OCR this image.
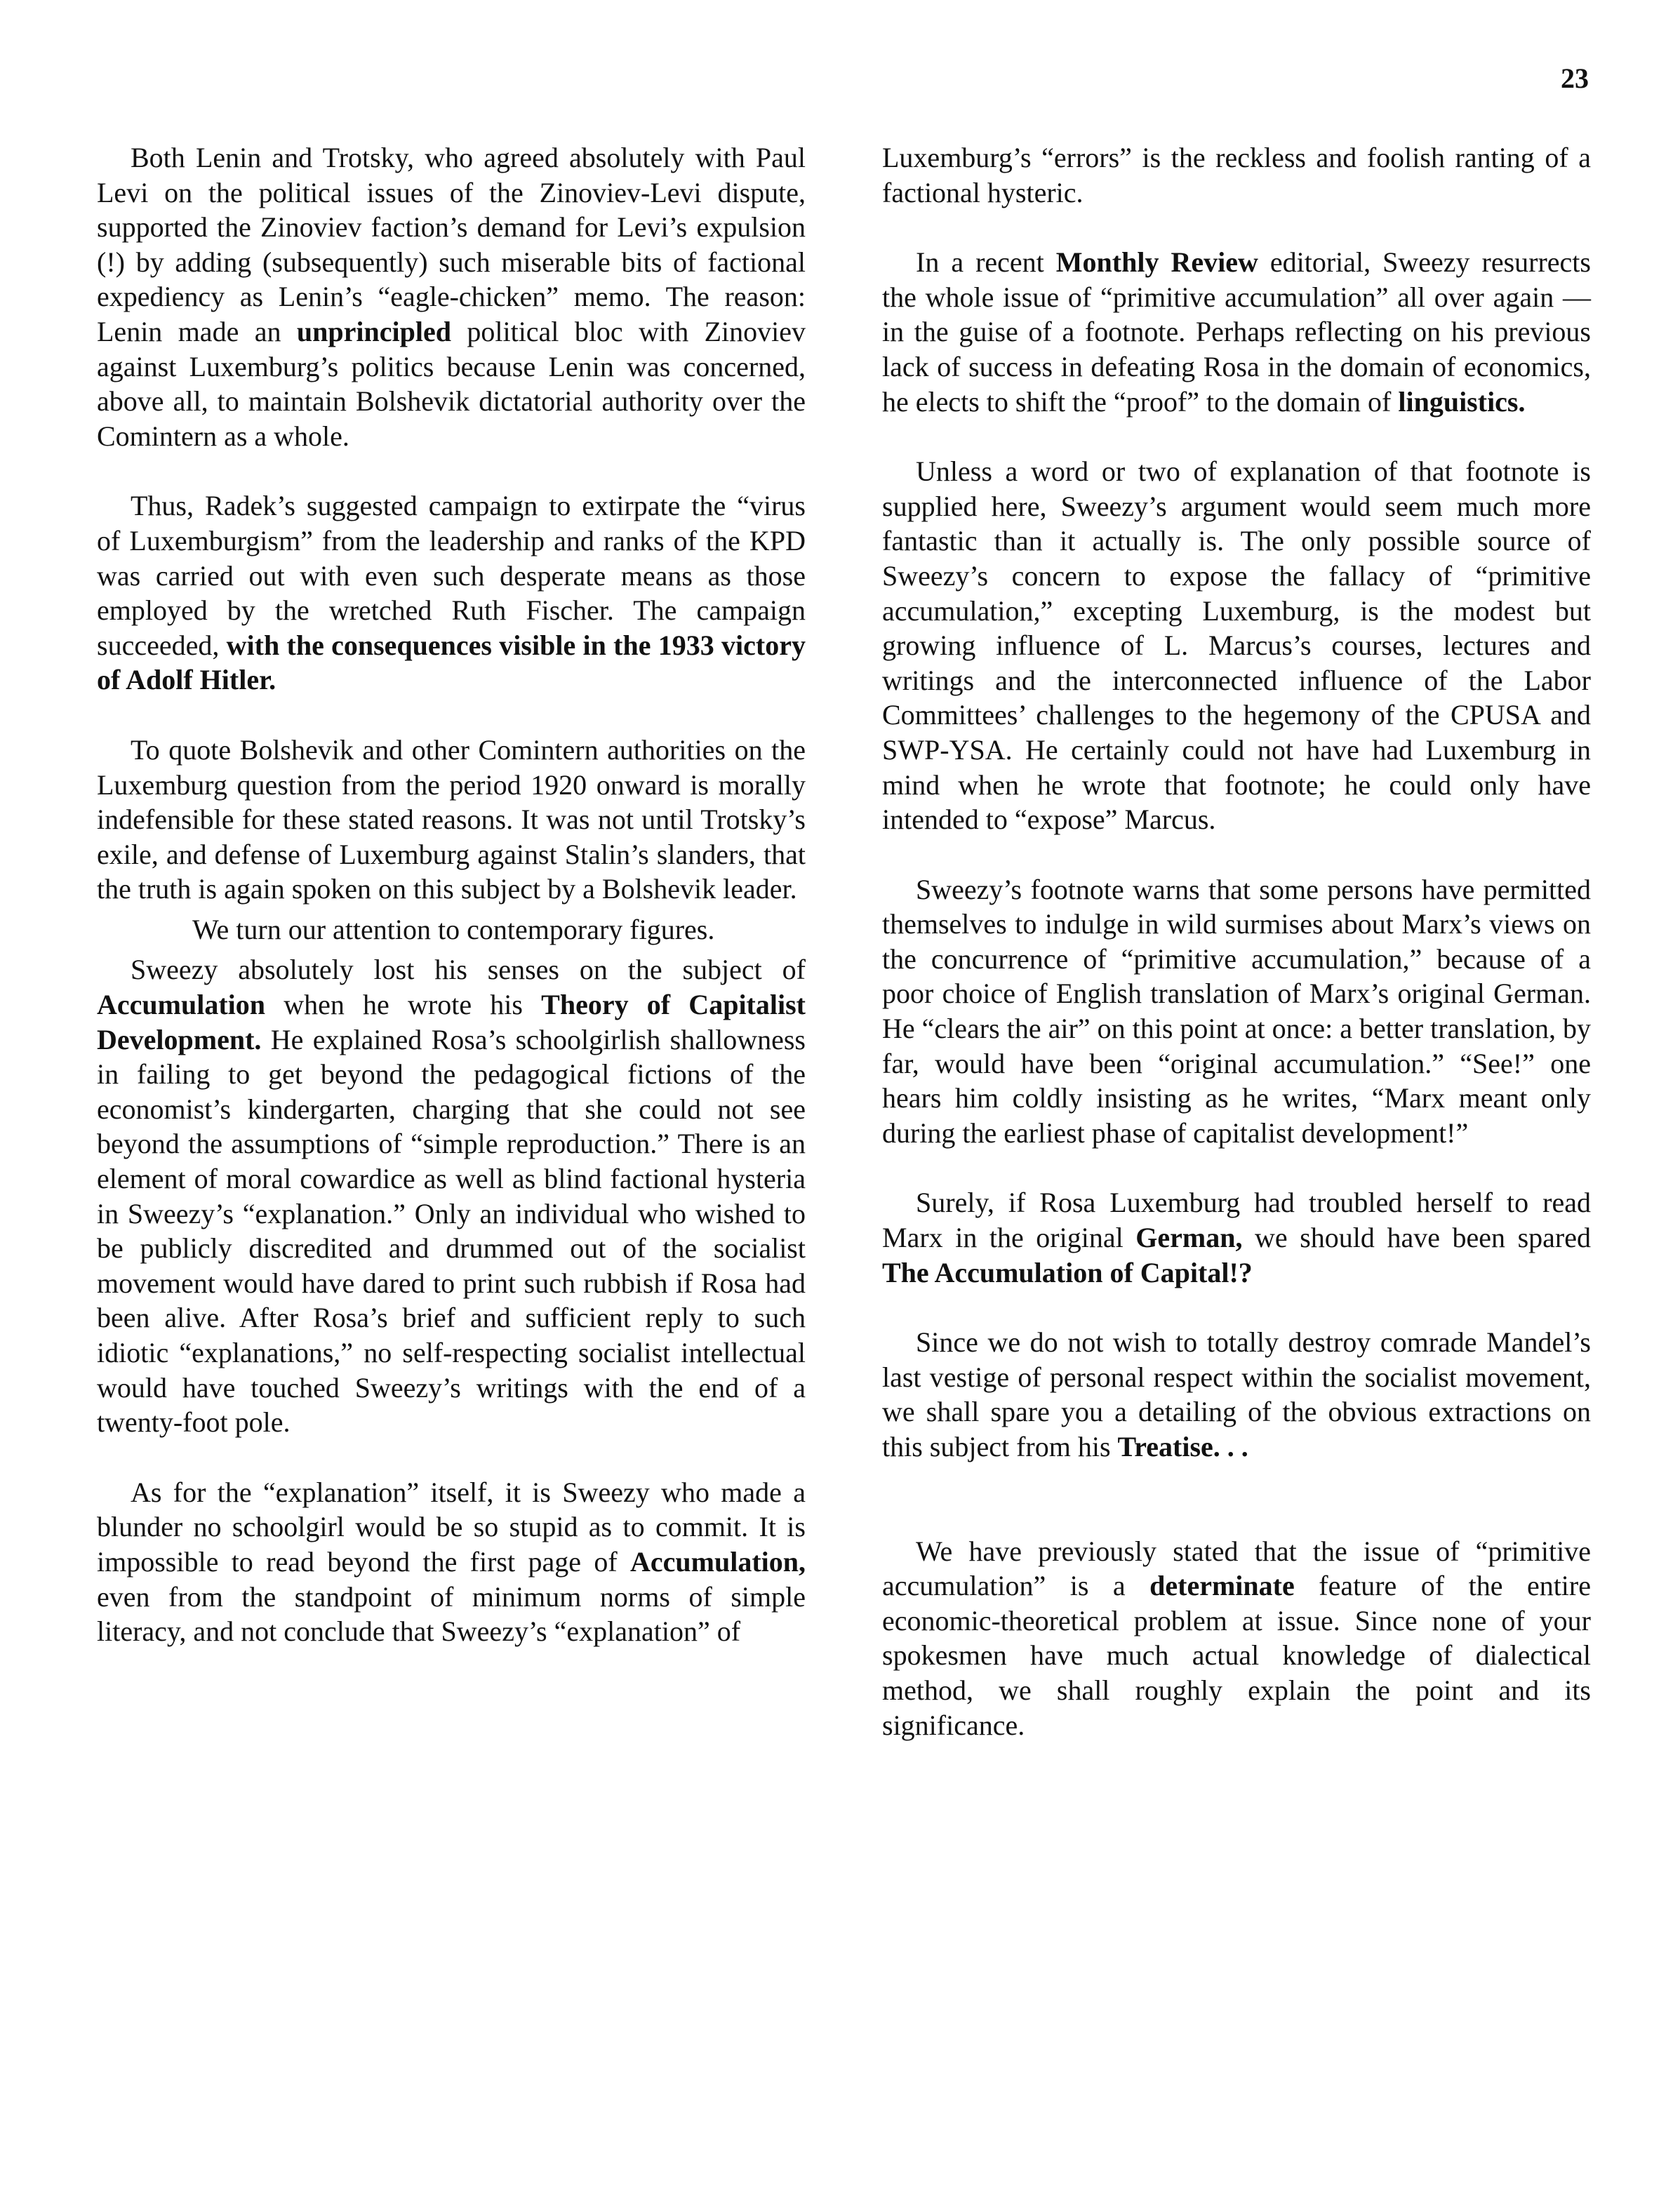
23

Both Lenin and Trotsky, who agreed absolutely with Paul Levi on the political issues of the Zinoviev-Levi dispute, supported the Zinoviev faction’s demand for Levi’s expulsion (!) by adding (subsequently) such miserable bits of factional expediency as Lenin’s “eagle-chicken” memo. The reason: Lenin made an unprincipled political bloc with Zinoviev against Luxemburg’s politics because Lenin was concerned, above all, to maintain Bolshevik dictatorial authority over the Comintern as a whole.

Thus, Radek’s suggested campaign to extirpate the “virus of Luxemburgism” from the leadership and ranks of the KPD was carried out with even such desperate means as those employed by the wretched Ruth Fischer. The campaign succeeded, with the consequences visible in the 1933 victory of Adolf Hitler.

To quote Bolshevik and other Comintern authorities on the Luxemburg question from the period 1920 onward is morally indefensible for these stated reasons. It was not until Trotsky’s exile, and defense of Luxemburg against Stalin’s slanders, that the truth is again spoken on this subject by a Bolshevik leader.

We turn our attention to contemporary figures.

Sweezy absolutely lost his senses on the subject of Accumulation when he wrote his Theory of Capitalist Development. He explained Rosa’s schoolgirlish shallowness in failing to get beyond the pedagogical fictions of the economist’s kindergarten, charging that she could not see beyond the assumptions of “simple reproduction.” There is an element of moral cowardice as well as blind factional hysteria in Sweezy’s “explanation.” Only an individual who wished to be publicly discredited and drummed out of the socialist movement would have dared to print such rubbish if Rosa had been alive. After Rosa’s brief and sufficient reply to such idiotic “explanations,” no self-respecting socialist intellectual would have touched Sweezy’s writings with the end of a twenty-foot pole.

As for the “explanation” itself, it is Sweezy who made a blunder no schoolgirl would be so stupid as to commit. It is impossible to read beyond the first page of Accumulation, even from the standpoint of minimum norms of simple literacy, and not conclude that Sweezy’s “explanation” of

Luxemburg’s “errors” is the reckless and foolish ranting of a factional hysteric.

In a recent Monthly Review editorial, Sweezy resurrects the whole issue of “primitive accumulation” all over again — in the guise of a footnote. Perhaps reflecting on his previous lack of success in defeating Rosa in the domain of economics, he elects to shift the “proof” to the domain of linguistics.

Unless a word or two of explanation of that footnote is supplied here, Sweezy’s argument would seem much more fantastic than it actually is. The only possible source of Sweezy’s concern to expose the fallacy of “primitive accumulation,” excepting Luxemburg, is the modest but growing influence of L. Marcus’s courses, lectures and writings and the interconnected influence of the Labor Committees’ challenges to the hegemony of the CPUSA and SWP-YSA. He certainly could not have had Luxemburg in mind when he wrote that footnote; he could only have intended to “expose” Marcus.

Sweezy’s footnote warns that some persons have permitted themselves to indulge in wild surmises about Marx’s views on the concurrence of “primitive accumulation,” because of a poor choice of English translation of Marx’s original German. He “clears the air” on this point at once: a better translation, by far, would have been “original accumulation.” “See!” one hears him coldly insisting as he writes, “Marx meant only during the earliest phase of capitalist development!”

Surely, if Rosa Luxemburg had troubled herself to read Marx in the original German, we should have been spared The Accumulation of Capital!?

Since we do not wish to totally destroy comrade Mandel’s last vestige of personal respect within the socialist movement, we shall spare you a detailing of the obvious extractions on this subject from his Treatise. . .

We have previously stated that the issue of “primitive accumulation” is a determinate feature of the entire economic-theoretical problem at issue. Since none of your spokesmen have much actual knowledge of dialectical method, we shall roughly explain the point and its significance.
